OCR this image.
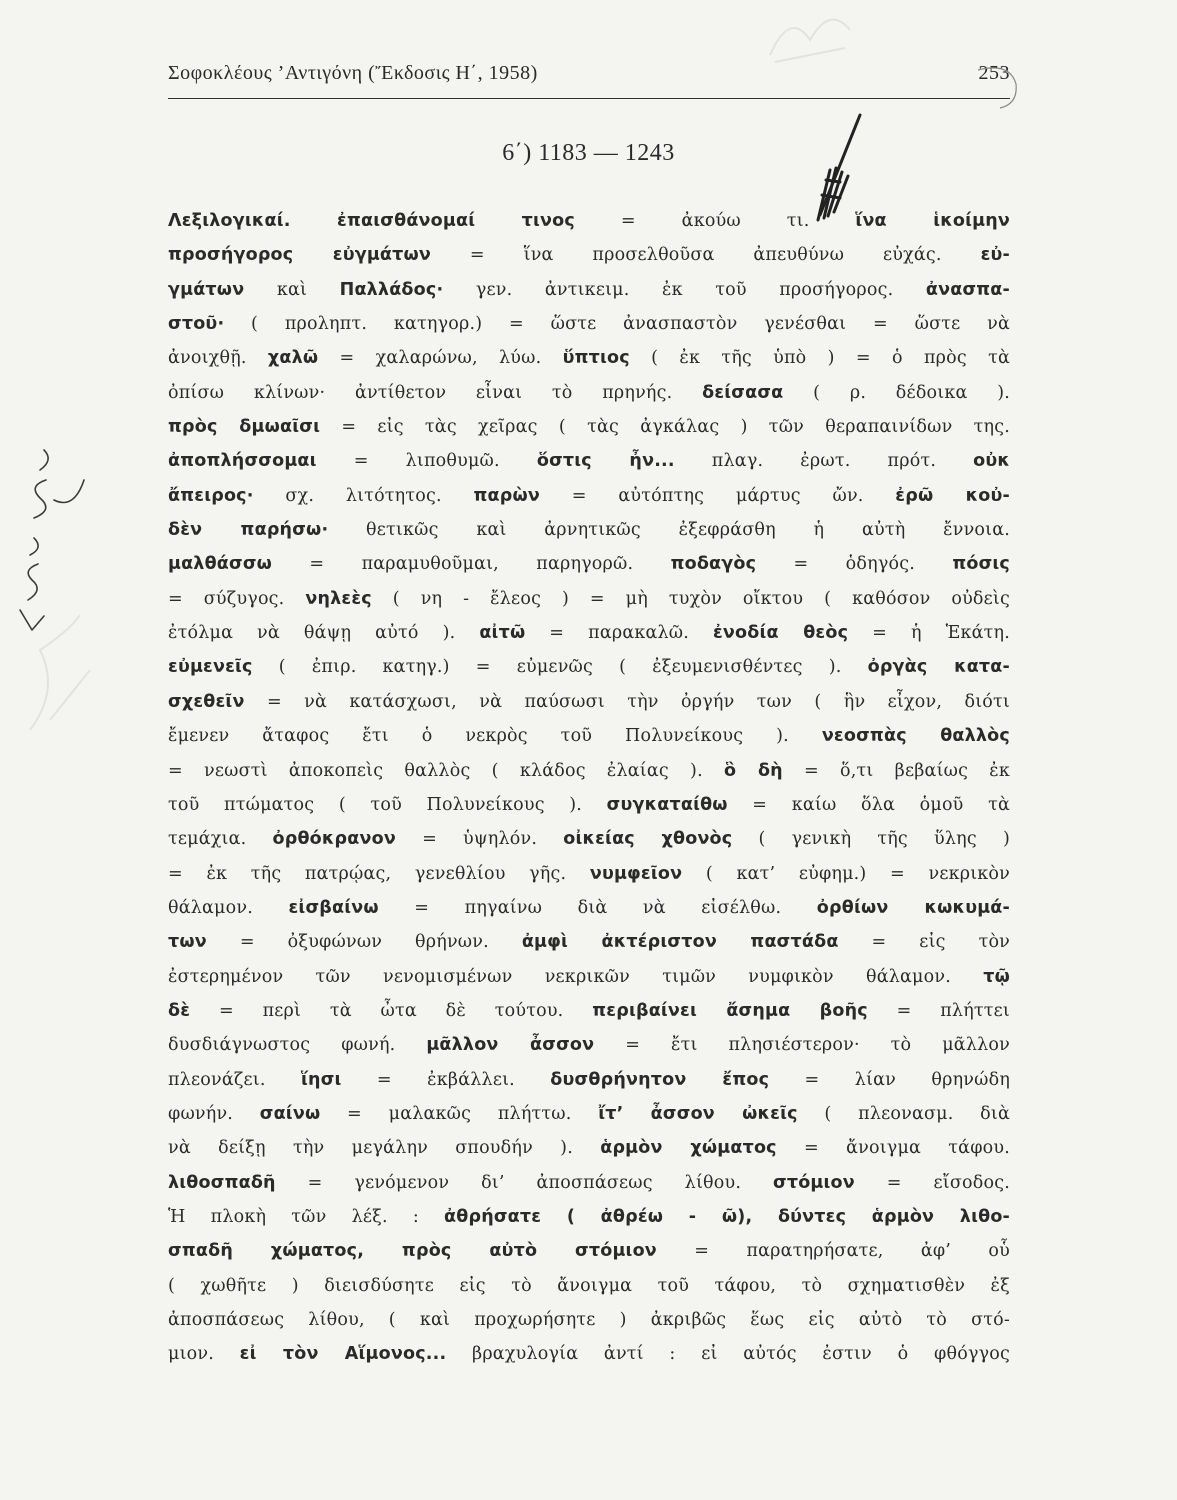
Σοφοκλέους ’Αντιγόνη (Ἔκδοσις Η΄, 1958)	253
6΄) 1183 — 1243
Λεξιλογικαί. ἐπαισθάνομαί τινος = ἀκούω τι. ἵνα ἱκοίμην
προσήγορος εὐγμάτων = ἵνα προσελθοῦσα ἀπευθύνω εὐχάς. εὐ-
γμάτων καὶ Παλλάδος· γεν. ἀντικειμ. ἐκ τοῦ προσήγορος. ἀνασπα-
στοῦ· ( προληπτ. κατηγορ.) = ὥστε ἀνασπαστὸν γενέσθαι = ὥστε νὰ
ἀνοιχθῇ. χαλῶ = χαλαρώνω, λύω. ὕπτιος ( ἐκ τῆς ὑπὸ ) = ὁ πρὸς τὰ
ὀπίσω κλίνων· ἀντίθετον εἶναι τὸ πρηνής. δείσασα ( ρ. δέδοικα ).
πρὸς δμωαῖσι = εἰς τὰς χεῖρας ( τὰς ἀγκάλας ) τῶν θεραπαινίδων της.
ἀποπλήσσομαι = λιποθυμῶ. ὅστις ἦν... πλαγ. ἐρωτ. πρότ. οὐκ
ἄπειρος· σχ. λιτότητος. παρὼν = αὐτόπτης μάρτυς ὤν. ἐρῶ κοὐ-
δὲν παρήσω· θετικῶς καὶ ἀρνητικῶς ἐξεφράσθη ἡ αὐτὴ ἔννοια.
μαλθάσσω = παραμυθοῦμαι, παρηγορῶ. ποδαγὸς = ὁδηγός. πόσις
= σύζυγος. νηλεὲς ( νη - ἔλεος ) = μὴ τυχὸν οἴκτου ( καθόσον οὐδεὶς
ἐτόλμα νὰ θάψῃ αὐτό ). αἰτῶ = παρακαλῶ. ἐνοδία θεὸς = ἡ Ἑκάτη.
εὐμενεῖς ( ἐπιρ. κατηγ.) = εὐμενῶς ( ἐξευμενισθέντες ). ὀργὰς κατα-
σχεθεῖν = νὰ κατάσχωσι, νὰ παύσωσι τὴν ὀργήν των ( ἣν εἶχον, διότι
ἔμενεν ἄταφος ἔτι ὁ νεκρὸς τοῦ Πολυνείκους ). νεοσπὰς θαλλὸς
= νεωστὶ ἀποκοπεὶς θαλλὸς ( κλάδος ἐλαίας ). ὃ δὴ = ὅ,τι βεβαίως ἐκ
τοῦ πτώματος ( τοῦ Πολυνείκους ). συγκαταίθω = καίω ὅλα ὁμοῦ τὰ
τεμάχια. ὀρθόκρανον = ὑψηλόν. οἰκείας χθονὸς ( γενικὴ τῆς ὕλης )
= ἐκ τῆς πατρῴας, γενεθλίου γῆς. νυμφεῖον ( κατ’ εὐφημ.) = νεκρικὸν
θάλαμον. εἰσβαίνω = πηγαίνω διὰ νὰ εἰσέλθω. ὀρθίων κωκυμά-
των = ὀξυφώνων θρήνων. ἀμφὶ ἀκτέριστον παστάδα = εἰς τὸν
ἐστερημένον τῶν νενομισμένων νεκρικῶν τιμῶν νυμφικὸν θάλαμον. τῷ
δὲ = περὶ τὰ ὦτα δὲ τούτου. περιβαίνει ἄσημα βοῆς = πλήττει
δυσδιάγνωστος φωνή. μᾶλλον ἆσσον = ἔτι πλησιέστερον· τὸ μᾶλλον
πλεονάζει. ἵησι = ἐκβάλλει. δυσθρήνητον ἔπος = λίαν θρηνώδη
φωνήν. σαίνω = μαλακῶς πλήττω. ἴτ’ ἆσσον ὠκεῖς ( πλεονασμ. διὰ
νὰ δείξῃ τὴν μεγάλην σπουδήν ). ἁρμὸν χώματος = ἄνοιγμα τάφου.
λιθοσπαδῆ = γενόμενον δι’ ἀποσπάσεως λίθου. στόμιον = εἴσοδος.
Ἡ πλοκὴ τῶν λέξ. : ἀθρήσατε ( ἀθρέω - ῶ), δύντες ἁρμὸν λιθο-
σπαδῆ χώματος, πρὸς αὐτὸ στόμιον = παρατηρήσατε, ἀφ’ οὗ
( χωθῆτε ) διεισδύσητε εἰς τὸ ἄνοιγμα τοῦ τάφου, τὸ σχηματισθὲν ἐξ
ἀποσπάσεως λίθου, ( καὶ προχωρήσητε ) ἀκριβῶς ἕως εἰς αὐτὸ τὸ στό-
μιον. εἰ τὸν Αἵμονος... βραχυλογία ἀντί : εἰ αὐτός ἐστιν ὁ φθόγγος
